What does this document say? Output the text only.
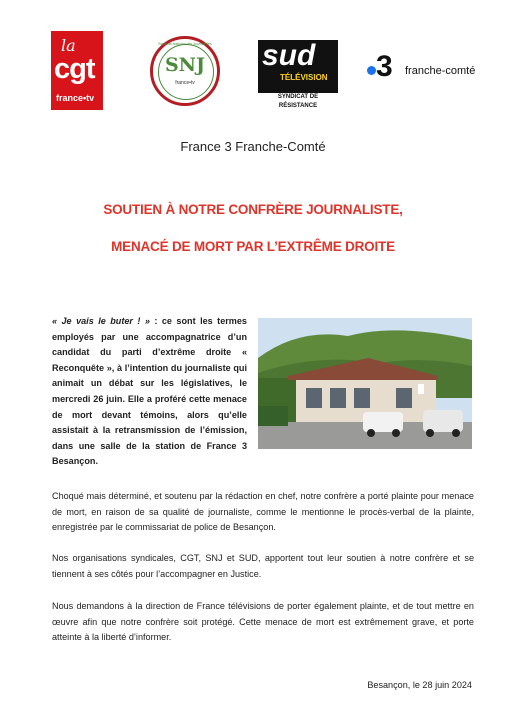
la
cgt
france•tv
Syndicat National des Journalistes
SNJ
france•tv
sud
TÉLÉVISION
SYNDICAT DE RÉSISTANCE
3 franche-comté
France 3 Franche-Comté
SOUTIEN À NOTRE CONFRÈRE JOURNALISTE,
MENACÉ DE MORT PAR L’EXTRÊME DROITE
« Je vais le buter ! » : ce sont les termes employés par une accompagnatrice d’un candidat du parti d’extrême droite « Reconquête », à l’intention du journaliste qui animait un débat sur les législatives, le mercredi 26 juin. Elle a proféré cette menace de mort devant témoins, alors qu’elle assistait à la retransmission de l’émission, dans une salle de la station de France 3 Besançon.
Choqué mais déterminé, et soutenu par la rédaction en chef, notre confrère a porté plainte pour menace de mort, en raison de sa qualité de journaliste, comme le mentionne le procès-verbal de la plainte, enregistrée par le commissariat de police de Besançon.
Nos organisations syndicales, CGT, SNJ et SUD, apportent tout leur soutien à notre confrère et se tiennent à ses côtés pour l’accompagner en Justice.
Nous demandons à la direction de France télévisions de porter également plainte, et de tout mettre en œuvre afin que notre confrère soit protégé. Cette menace de mort est extrêmement grave, et porte atteinte à la liberté d’informer.
Besançon, le 28 juin 2024
